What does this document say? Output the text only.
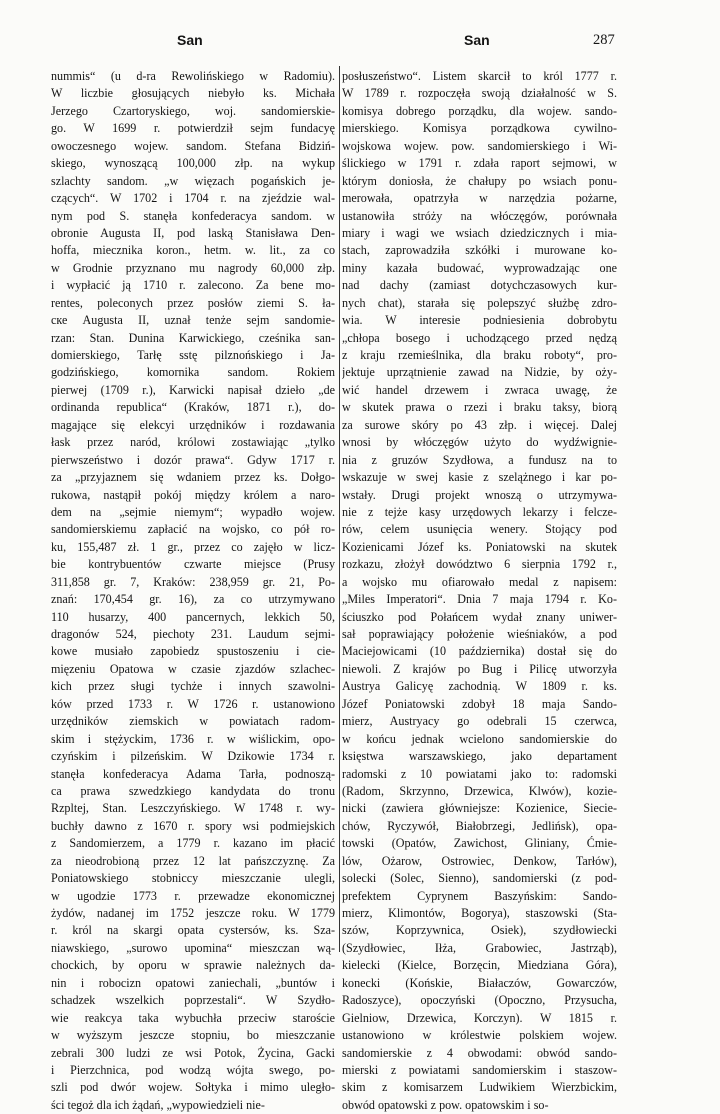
San	San	287
nummis“ (u d-ra Rewolińskiego w Radomiu).
W liczbie głosujących niebyło ks. Michała
Jerzego Czartoryskiego, woj. sandomierskie-
go. W 1699 r. potwierdził sejm fundacyę
owoczesnego wojew. sandom. Stefana Bidziń-
skiego, wynoszącą 100,000 złp. na wykup
szlachty sandom. „w więzach pogańskich je-
czących“. W 1702 i 1704 r. na zjeździe wal-
nym pod S. stanęła konfederacya sandom. w
obronie Augusta II, pod laską Stanisława Den-
hoffa, miecznika koron., hetm. w. lit., za co
w Grodnie przyznano mu nagrody 60,000 złp.
i wypłacić ją 1710 r. zalecono. Za bene mo-
rentes, poleconych przez posłów ziemi S. ła-
ске Augusta II, uznał tenże sejm sandomie-
rzan: Stan. Dunina Karwickiego, cześnika san-
domierskiego, Tarłę sstę pilznońskiego i Ja-
godzińskiego, komornika sandom. Rokiem
pierwej (1709 r.), Karwicki napisał dzieło „de
ordinanda republica“ (Kraków, 1871 r.), do-
magające się elekcyi urzędników i rozdawania
łask przez naród, królowi zostawiając „tylko
pierwszeństwo i dozór prawa“. Gdyw 1717 r.
za „przyjaznem się wdaniem przez ks. Dołgo-
rukowa, nastąpił pokój między królem a naro-
dem na „sejmie niemym“; wypadło wojew.
sandomierskiemu zapłacić na wojsko, co pół ro-
ku, 155,487 zł. 1 gr., przez co zajęło w licz-
bie kontrybuentów czwarte miejsce (Prusy
311,858 gr. 7, Kraków: 238,959 gr. 21, Po-
znań: 170,454 gr. 16), za co utrzymywano
110 husarzy, 400 pancernych, lekkich 50,
dragonów 524, piechoty 231. Laudum sejmi-
kowe musiało zapobiedz spustoszeniu i cie-
mięzeniu Opatowa w czasie zjazdów szlachec-
kich przez sługi tychże i innych szawolni-
ków przed 1733 r. W 1726 r. ustanowiono
urzędników ziemskich w powiatach radom-
skim i stężyckim, 1736 r. w wiślickim, opo-
czyńskim i pilzeńskim. W Dzikowie 1734 r.
stanęła konfederacya Adama Tarła, podnoszą-
ca prawa szwedzkiego kandydata do tronu
Rzpltej, Stan. Leszczyńskiego. W 1748 r. wy-
buchły dawno z 1670 r. spory wsi podmiejskich
z Sandomierzem, a 1779 r. kazano im płacić
za nieodrobioną przez 12 lat pańszczyznę. Za
Poniatowskiego stobniccy mieszczanie ulegli,
w ugodzie 1773 r. przewadze ekonomicznej
żydów, nadanej im 1752 jeszcze roku. W 1779
r. król na skargi opata cystersów, ks. Sza-
niawskiego, „surowo upomina“ mieszczan wą-
chockich, by oporu w sprawie należnych da-
nin i robocizn opatowi zaniechali, „buntów i
schadzek wszelkich poprzestali“. W Szydło-
wie reakcya taka wybuchła przeciw staroście
w wyższym jeszcze stopniu, bo mieszczanie
zebrali 300 ludzi ze wsi Potok, Życina, Gacki
i Pierzchnica, pod wodzą wójta swego, po-
szli pod dwór wojew. Sołtyka i mimo uległo-
ści tegoż dla ich żądań, „wypowiedzieli nie-
posłuszeństwo“. Listem skarcił to król 1777 r.
W 1789 r. rozpoczęła swoją działalność w S.
komisya dobrego porządku, dla wojew. sando-
mierskiego. Komisya porządkowa cywilno-
wojskowa wojew. pow. sandomierskiego i Wi-
ślickiego w 1791 r. zdała raport sejmowi, w
którym doniosła, że chałupy po wsiach ponu-
merowała, opatrzyła w narzędzia pożarne,
ustanowiła stróży na włóczęgów, porównała
miary i wagi we wsiach dziedzicznych i mia-
stach, zaprowadziła szkółki i murowane ko-
miny kazała budować, wyprowadzając one
nad dachy (zamiast dotychczasowych kur-
nych chat), starała się polepszyć służbę zdro-
wia. W interesie podniesienia dobrobytu
„chłopa bosego i uchodzącego przed nędzą
z kraju rzemieślnika, dla braku roboty“, pro-
jektuje uprzątnienie zawad na Nidzie, by oży-
wić handel drzewem i zwraca uwagę, że
w skutek prawa o rzezi i braku taksy, biorą
za surowe skóry po 43 złp. i więcej. Dalej
wnosi by włóczęgów użyto do wydźwignie-
nia z gruzów Szydłowa, a fundusz na to
wskazuje w swej kasie z szelążnego i kar po-
wstały. Drugi projekt wnoszą o utrzymywa-
nie z tejże kasy urzędowych lekarzy i felcze-
rów, celem usunięcia wenery. Stojący pod
Kozienicami Józef ks. Poniatowski na skutek
rozkazu, złożył dowództwo 6 sierpnia 1792 r.,
a wojsko mu ofiarowało medal z napisem:
„Miles Imperatori“. Dnia 7 maja 1794 r. Ko-
ściuszko pod Połańcem wydał znany uniwer-
sał poprawiający położenie wieśniaków, a pod
Maciejowicami (10 października) dostał się do
niewoli. Z krajów po Bug i Pilicę utworzyła
Austrya Galicyę zachodnią. W 1809 r. ks.
Józef Poniatowski zdobył 18 maja Sando-
mierz, Austryacy go odebrali 15 czerwca,
w końcu jednak wcielono sandomierskie do
księstwa warszawskiego, jako departament
radomski z 10 powiatami jako to: radomski
(Radom, Skrzynno, Drzewica, Klwów), kozie-
nicki (zawiera główniejsze: Kozienice, Siecie-
chów, Ryczywół, Białobrzegi, Jedlińsk), opa-
towski (Opatów, Zawichost, Gliniany, Ćmie-
lów, Ożarow, Ostrowiec, Denkow, Tarłów),
solecki (Solec, Sienno), sandomierski (z pod-
prefektem Cyprynem Baszyńskim: Sando-
mierz, Klimontów, Bogorya), staszowski (Sta-
szów, Koprzywnica, Osiek), szydłowiecki
(Szydłowiec, Iłża, Grabowiec, Jastrząb),
kielecki (Kielce, Borzęcin, Miedziana Góra),
konecki (Końskie, Białaczów, Gowarczów,
Radoszyce), opoczyński (Opoczno, Przysucha,
Gielniow, Drzewica, Korczyn). W 1815 r.
ustanowiono w królestwie polskiem wojew.
sandomierskie z 4 obwodami: obwód sando-
mierski z powiatami sandomierskim i staszow-
skim z komisarzem Ludwikiem Wierzbickim,
obwód opatowski z pow. opatowskim i so-
